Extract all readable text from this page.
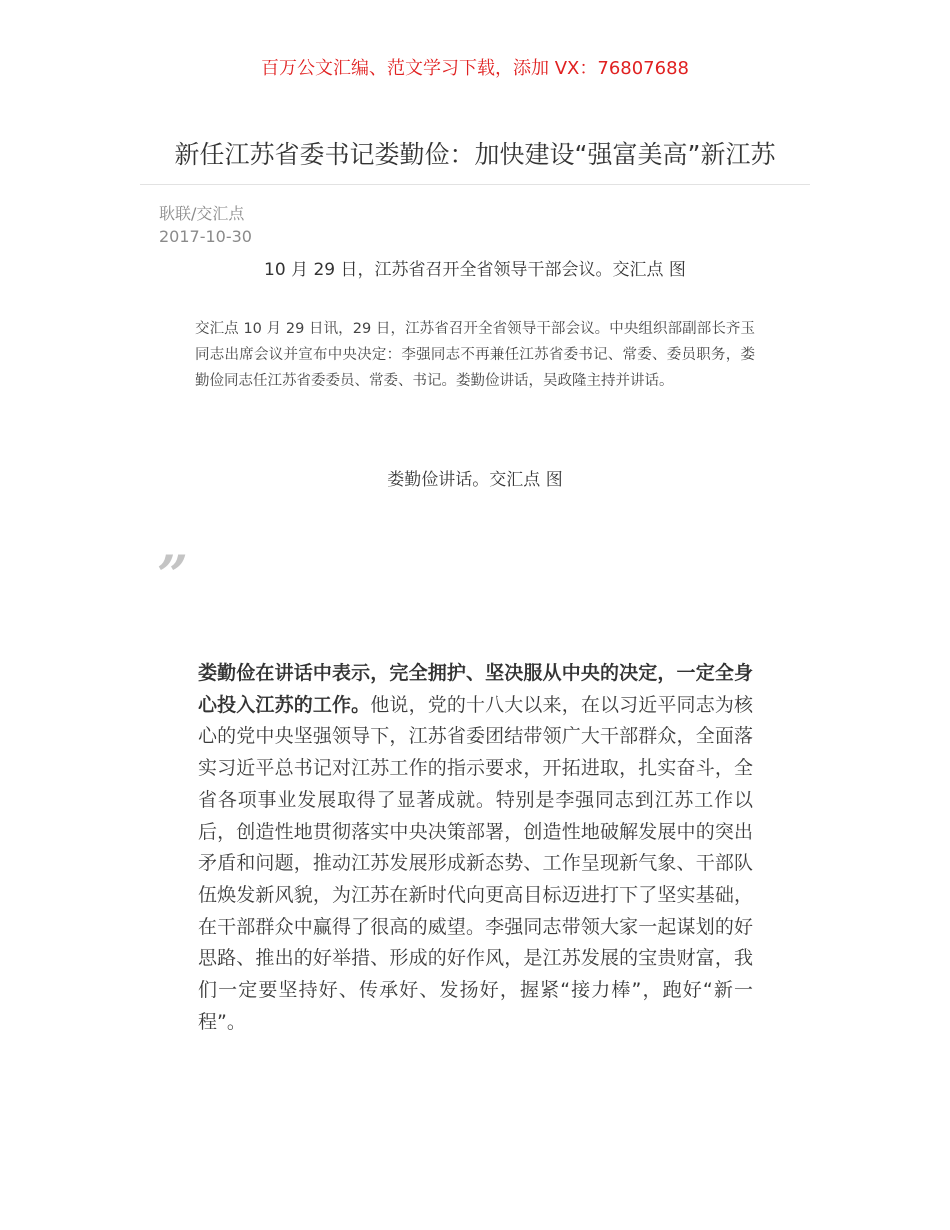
百万公文汇编、范文学习下载，添加 VX：76807688
新任江苏省委书记娄勤俭：加快建设“强富美高”新江苏
耿联/交汇点
2017-10-30
10 月 29 日，江苏省召开全省领导干部会议。交汇点 图
交汇点 10 月 29 日讯，29 日，江苏省召开全省领导干部会议。中央组织部副部长齐玉同志出席会议并宣布中央决定：李强同志不再兼任江苏省委书记、常委、委员职务，娄勤俭同志任江苏省委委员、常委、书记。娄勤俭讲话，吴政隆主持并讲话。
娄勤俭讲话。交汇点 图
”
娄勤俭在讲话中表示，完全拥护、坚决服从中央的决定，一定全身心投入江苏的工作。他说，党的十八大以来，在以习近平同志为核心的党中央坚强领导下，江苏省委团结带领广大干部群众，全面落实习近平总书记对江苏工作的指示要求，开拓进取，扎实奋斗，全省各项事业发展取得了显著成就。特别是李强同志到江苏工作以后，创造性地贯彻落实中央决策部署，创造性地破解发展中的突出矛盾和问题，推动江苏发展形成新态势、工作呈现新气象、干部队伍焕发新风貌，为江苏在新时代向更高目标迈进打下了坚实基础，在干部群众中赢得了很高的威望。李强同志带领大家一起谋划的好思路、推出的好举措、形成的好作风，是江苏发展的宝贵财富，我们一定要坚持好、传承好、发扬好，握紧“接力棒”，跑好“新一程”。
